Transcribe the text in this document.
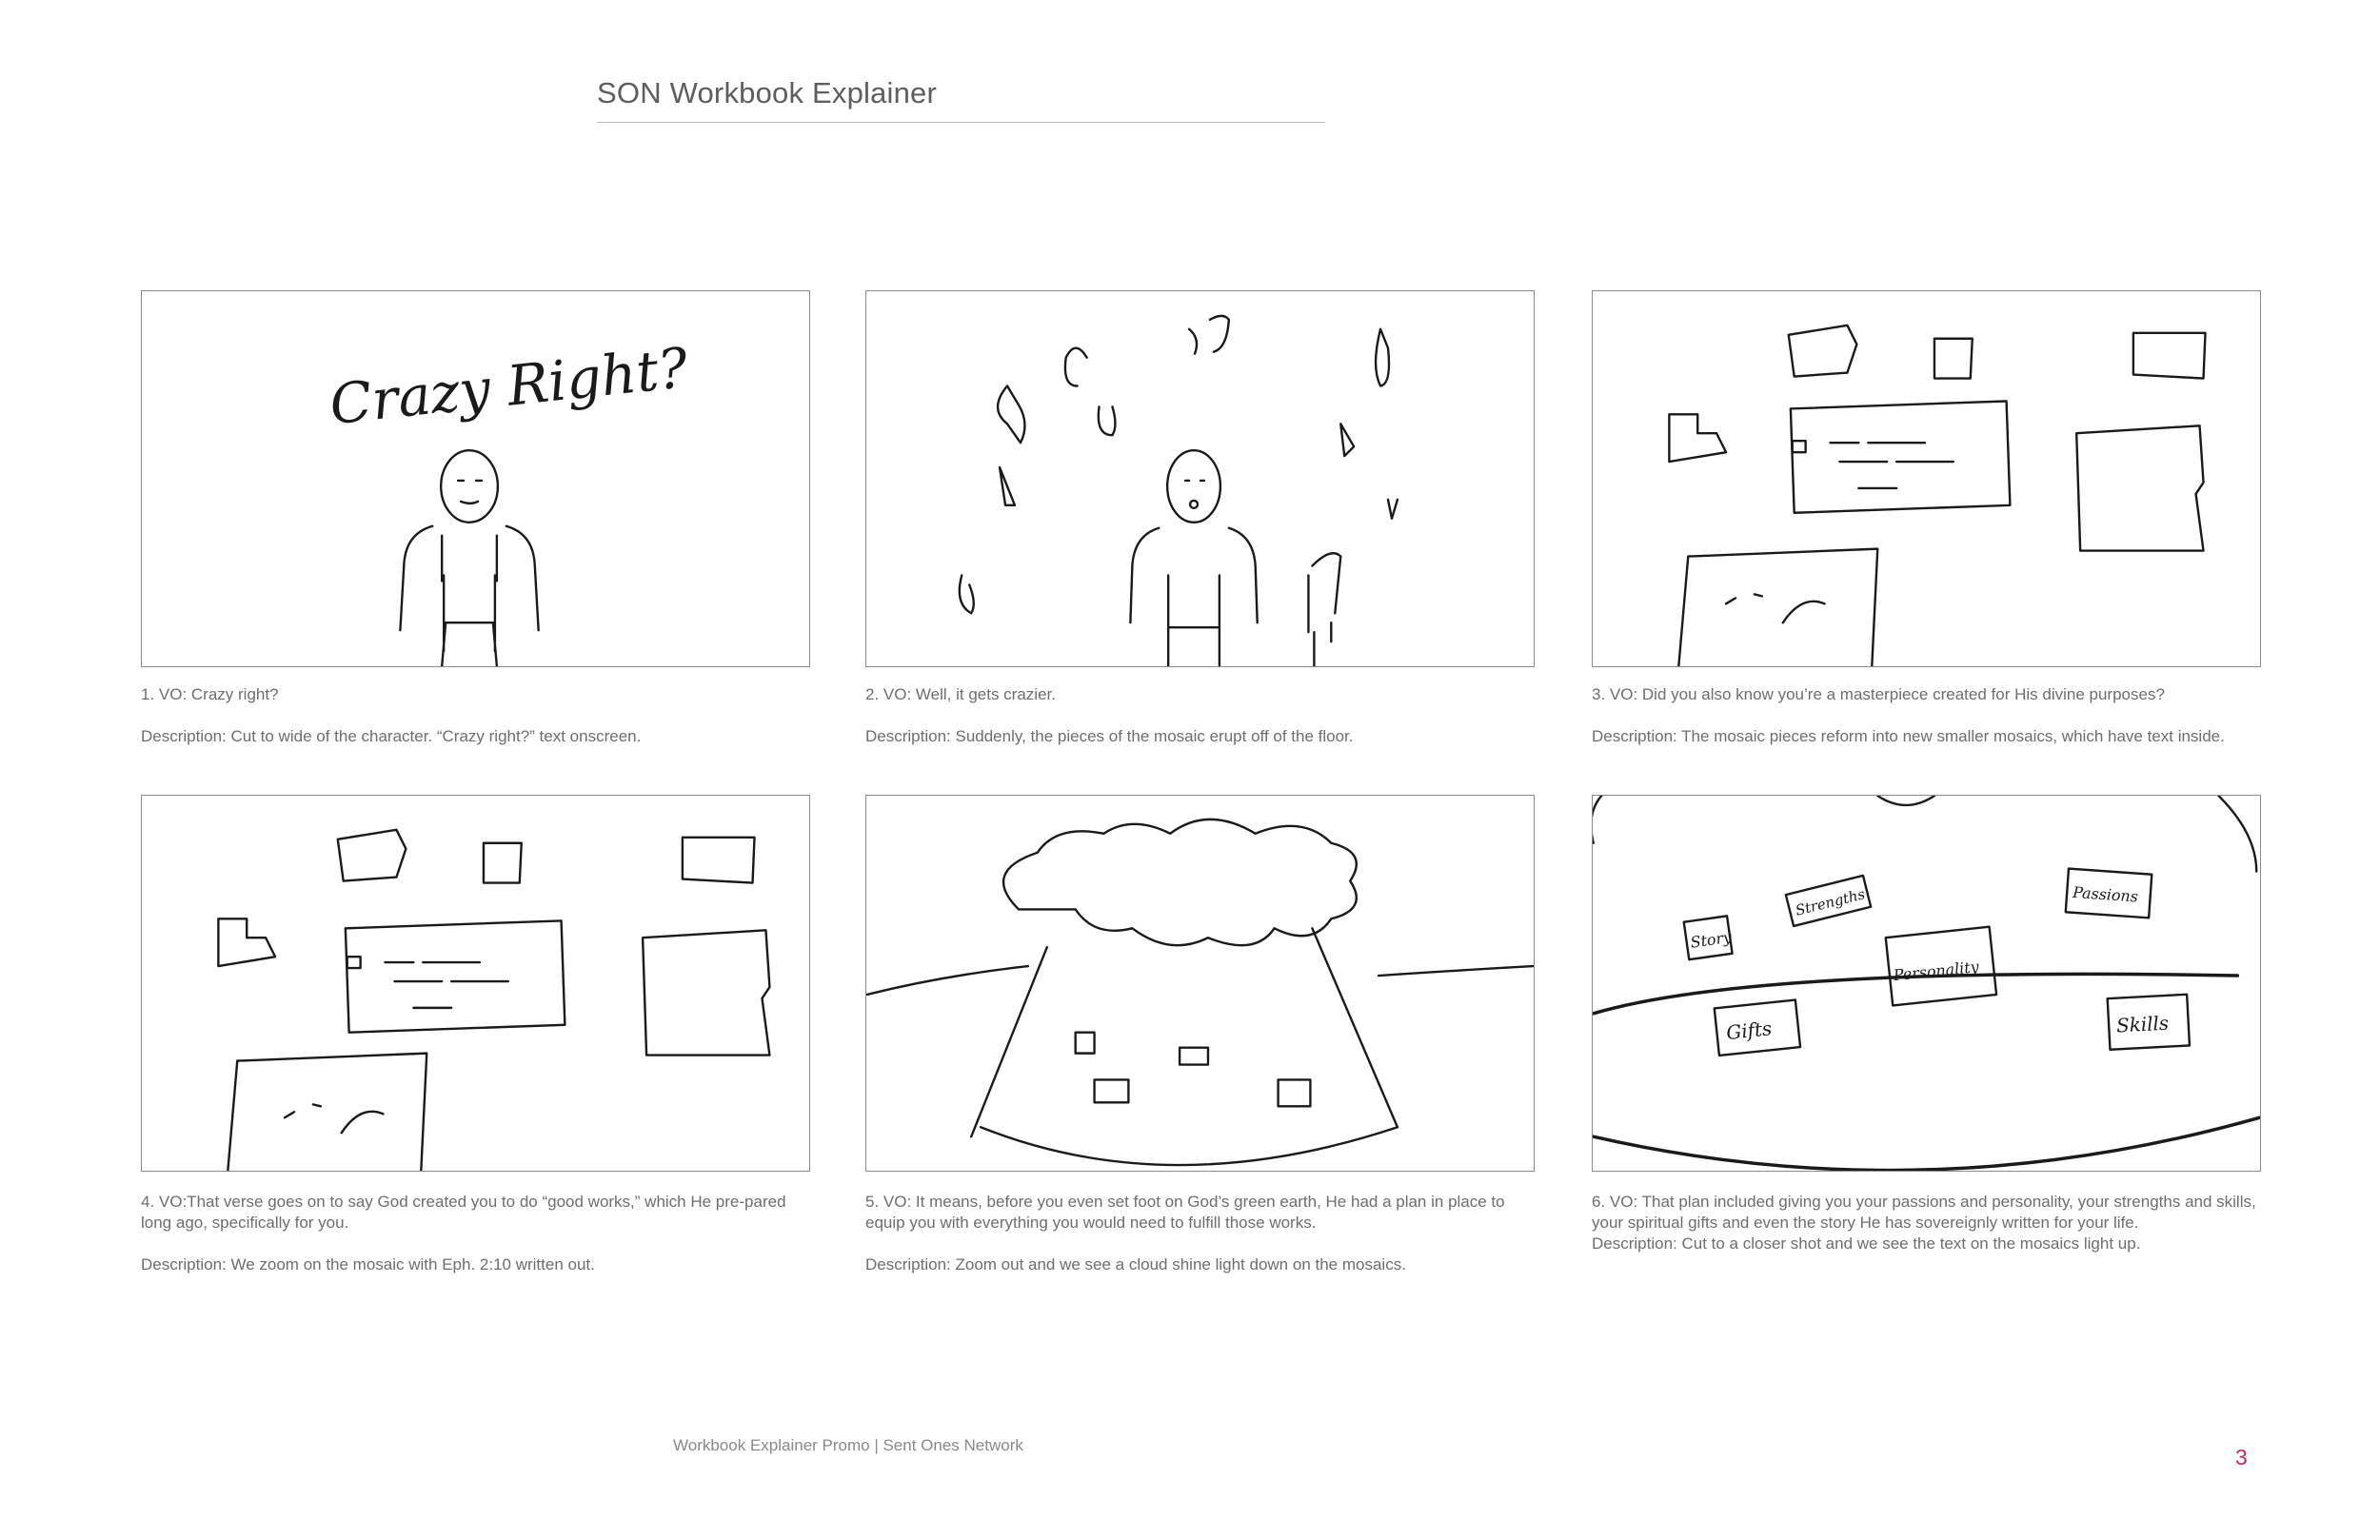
SON Workbook Explainer
Crazy Right?
Story
Strengths	Passions
Personality
Gifts	Skills

1. VO: Crazy right?

Description: Cut to wide of the character. “Crazy right?” text onscreen.

2. VO: Well, it gets crazier.

Description: Suddenly, the pieces of the mosaic erupt off of the floor.

3. VO: Did you also know you’re a masterpiece created for His divine purposes?

Description: The mosaic pieces reform into new smaller mosaics, which have text inside.

4. VO:That verse goes on to say God created you to do “good works,” which He pre-pared long ago, specifically for you.

Description: We zoom on the mosaic with Eph. 2:10 written out.

5. VO: It means, before you even set foot on God’s green earth, He had a plan in place to equip you with everything you would need to fulfill those works.

Description: Zoom out and we see a cloud shine light down on the mosaics.

6. VO: That plan included giving you your passions and personality, your strengths and skills, your spiritual gifts and even the story He has sovereignly written for your life.

Description: Cut to a closer shot and we see the text on the mosaics light up.

Workbook Explainer Promo | Sent Ones Network	3
